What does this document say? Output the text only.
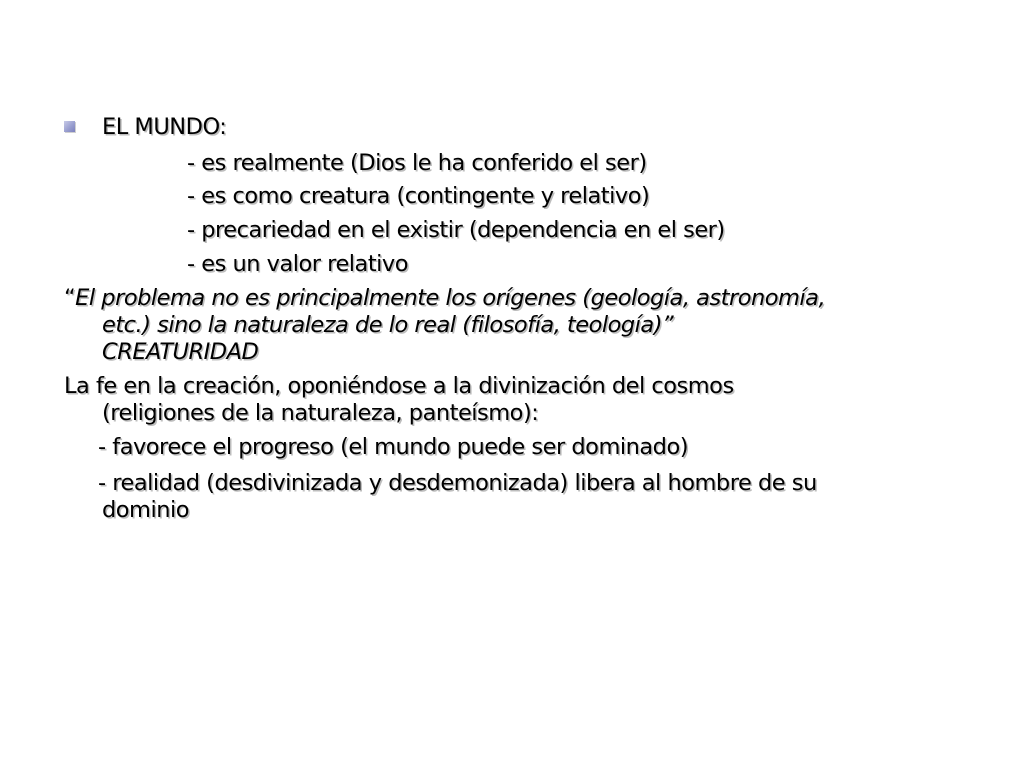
EL MUNDO:
- es realmente (Dios le ha conferido el ser)
- es como creatura (contingente y relativo)
- precariedad en el existir (dependencia en el ser)
- es un valor relativo
“El problema no es principalmente los orígenes (geología, astronomía,
etc.) sino la naturaleza de lo real (filosofía, teología)”
CREATURIDAD
La fe en la creación, oponiéndose a la divinización del cosmos
(religiones de la naturaleza, panteísmo):
- favorece el progreso (el mundo puede ser dominado)
- realidad (desdivinizada y desdemonizada) libera al hombre de su
dominio
